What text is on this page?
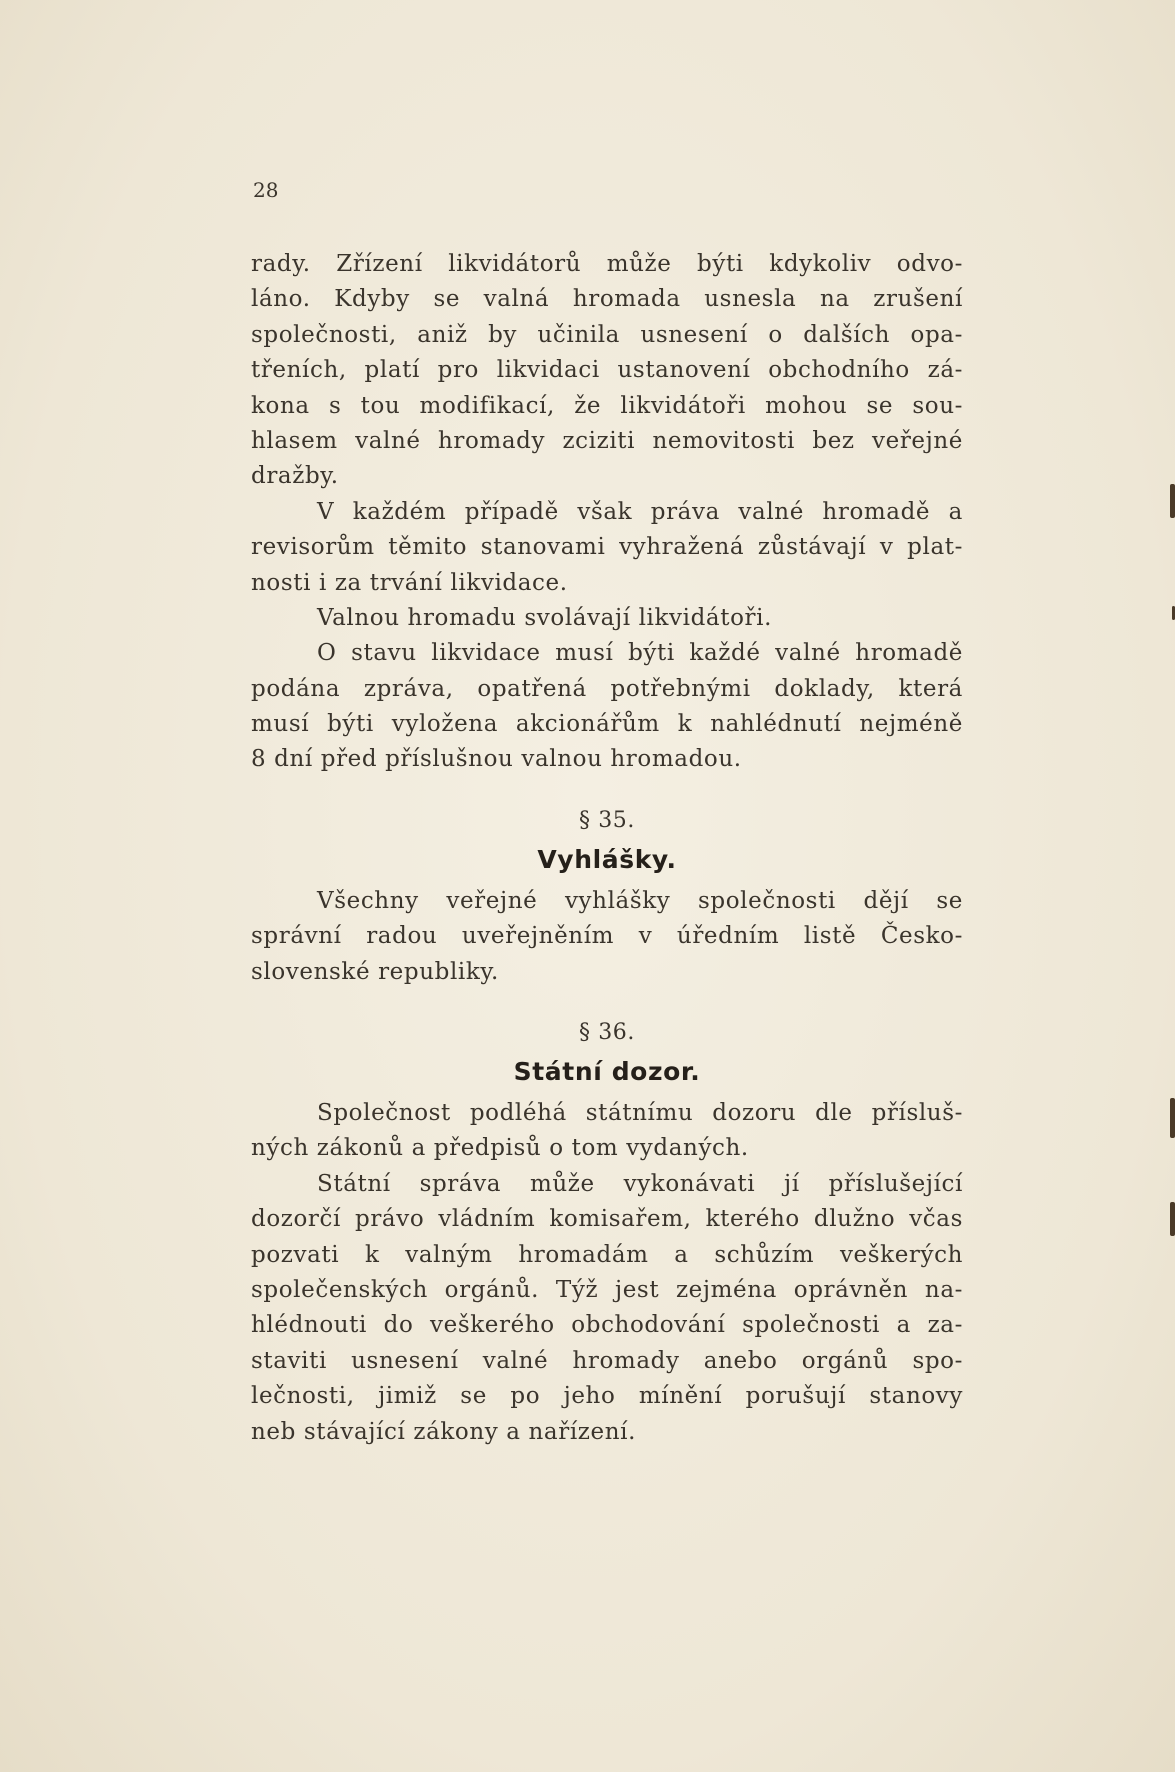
28
rady. Zřízení likvidátorů může býti kdykoliv odvo-
láno. Kdyby se valná hromada usnesla na zrušení
společnosti, aniž by učinila usnesení o dalších opa-
třeních, platí pro likvidaci ustanovení obchodního zá-
kona s tou modifikací, že likvidátoři mohou se sou-
hlasem valné hromady zciziti nemovitosti bez veřejné
dražby.
V každém případě však práva valné hromadě a
revisorům těmito stanovami vyhražená zůstávají v plat-
nosti i za trvání likvidace.
Valnou hromadu svolávají likvidátoři.
O stavu likvidace musí býti každé valné hromadě
podána zpráva, opatřená potřebnými doklady, která
musí býti vyložena akcionářům k nahlédnutí nejméně
8 dní před příslušnou valnou hromadou.
§ 35.
Vyhlášky.
Všechny veřejné vyhlášky společnosti dějí se
správní radou uveřejněním v úředním listě Česko-
slovenské republiky.
§ 36.
Státní dozor.
Společnost podléhá státnímu dozoru dle přísluš-
ných zákonů a předpisů o tom vydaných.
Státní správa může vykonávati jí příslušející
dozorčí právo vládním komisařem, kterého dlužno včas
pozvati k valným hromadám a schůzím veškerých
společenských orgánů. Týž jest zejména oprávněn na-
hlédnouti do veškerého obchodování společnosti a za-
staviti usnesení valné hromady anebo orgánů spo-
lečnosti, jimiž se po jeho mínění porušují stanovy
neb stávající zákony a nařízení.
